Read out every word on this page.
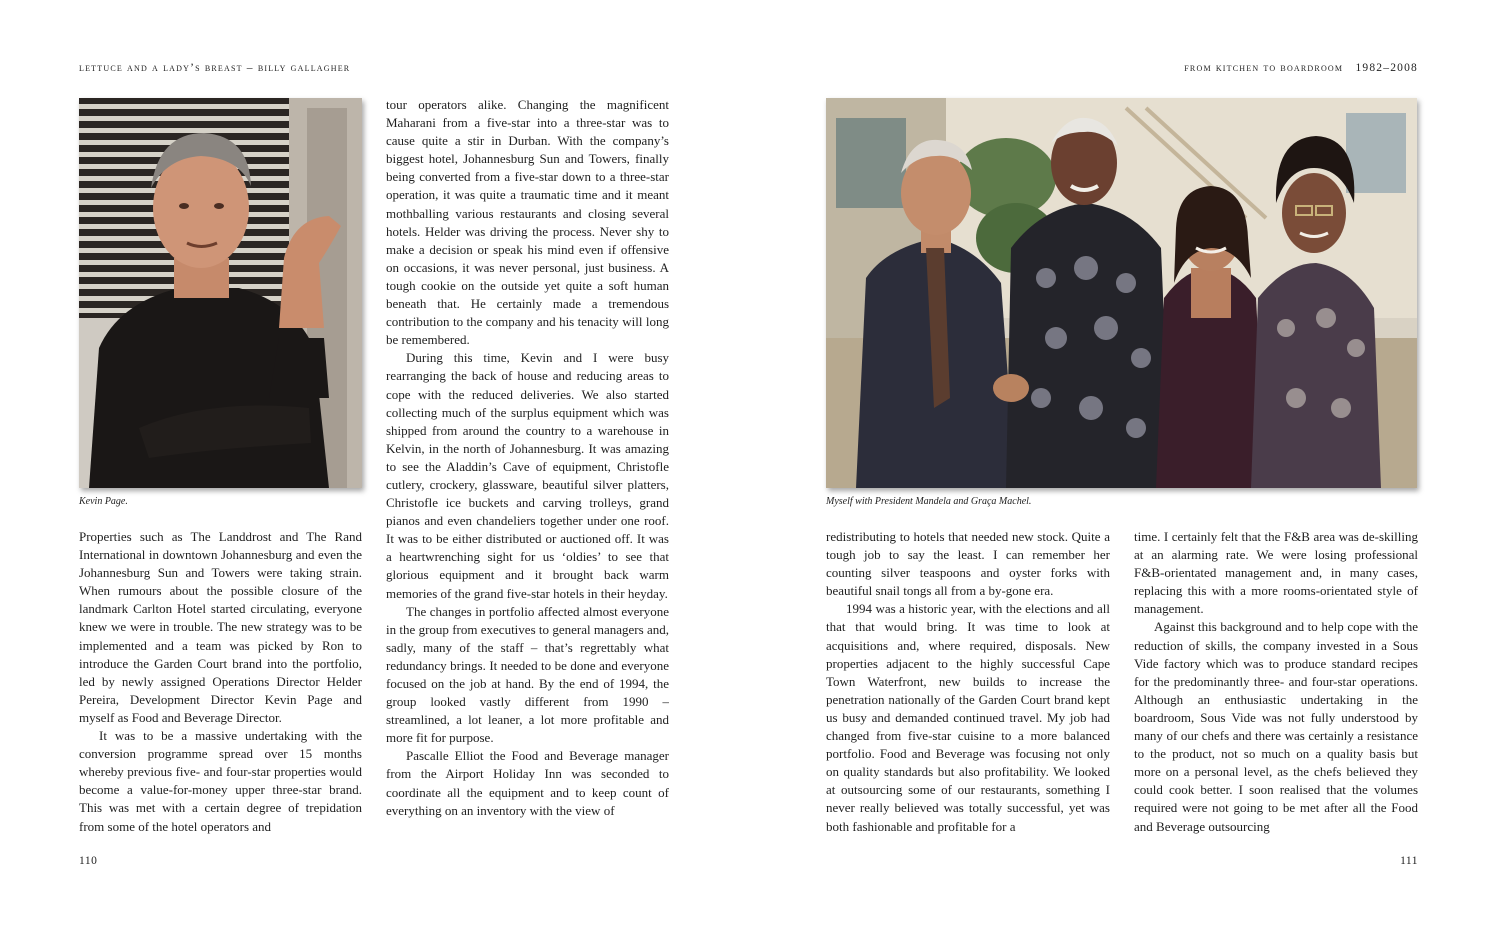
lettuce and a lady’s breast – billy gallagher
Kevin Page.

Properties such as The Landdrost and The Rand International in downtown Johannesburg and even the Johannesburg Sun and Towers were taking strain. When rumours about the possible closure of the landmark Carlton Hotel started circulating, everyone knew we were in trouble. The new strategy was to be implemented and a team was picked by Ron to introduce the Garden Court brand into the portfolio, led by newly assigned Operations Director Helder Pereira, Development Director Kevin Page and myself as Food and Beverage Director.

It was to be a massive undertaking with the conversion programme spread over 15 months whereby previous five- and four-star properties would become a value-for-money upper three-star brand. This was met with a certain degree of trepidation from some of the hotel operators and

tour operators alike. Changing the magnificent Maharani from a five-star into a three-star was to cause quite a stir in Durban. With the company’s biggest hotel, Johannesburg Sun and Towers, finally being converted from a five-star down to a three-star operation, it was quite a traumatic time and it meant mothballing various restaurants and closing several hotels. Helder was driving the process. Never shy to make a decision or speak his mind even if offensive on occasions, it was never personal, just business. A tough cookie on the outside yet quite a soft human beneath that. He certainly made a tremendous contribution to the company and his tenacity will long be remembered.

During this time, Kevin and I were busy rearranging the back of house and reducing areas to cope with the reduced deliveries. We also started collecting much of the surplus equipment which was shipped from around the country to a warehouse in Kelvin, in the north of Johannesburg. It was amazing to see the Aladdin’s Cave of equipment, Christofle cutlery, crockery, glassware, beautiful silver platters, Christofle ice buckets and carving trolleys, grand pianos and even chandeliers together under one roof. It was to be either distributed or auctioned off. It was a heartwrenching sight for us ‘oldies’ to see that glorious equipment and it brought back warm memories of the grand five-star hotels in their heyday.

The changes in portfolio affected almost everyone in the group from executives to general managers and, sadly, many of the staff – that’s regrettably what redundancy brings. It needed to be done and everyone focused on the job at hand. By the end of 1994, the group looked vastly different from 1990 – streamlined, a lot leaner, a lot more profitable and more fit for purpose.

Pascalle Elliot the Food and Beverage manager from the Airport Holiday Inn was seconded to coordinate all the equipment and to keep count of everything on an inventory with the view of

110
from kitchen to boardroom   1982–2008
Myself with President Mandela and Graça Machel.

redistributing to hotels that needed new stock. Quite a tough job to say the least. I can remember her counting silver teaspoons and oyster forks with beautiful snail tongs all from a by-gone era.

1994 was a historic year, with the elections and all that that would bring. It was time to look at acquisitions and, where required, disposals. New properties adjacent to the highly successful Cape Town Waterfront, new builds to increase the penetration nationally of the Garden Court brand kept us busy and demanded continued travel. My job had changed from five-star cuisine to a more balanced portfolio. Food and Beverage was focusing not only on quality standards but also profitability. We looked at outsourcing some of our restaurants, something I never really believed was totally successful, yet was both fashionable and profitable for a

time. I certainly felt that the F&B area was de-skilling at an alarming rate. We were losing professional F&B-orientated management and, in many cases, replacing this with a more rooms-orientated style of management.

Against this background and to help cope with the reduction of skills, the company invested in a Sous Vide factory which was to produce standard recipes for the predominantly three- and four-star operations. Although an enthusiastic undertaking in the boardroom, Sous Vide was not fully understood by many of our chefs and there was certainly a resistance to the product, not so much on a quality basis but more on a personal level, as the chefs believed they could cook better. I soon realised that the volumes required were not going to be met after all the Food and Beverage outsourcing

111
